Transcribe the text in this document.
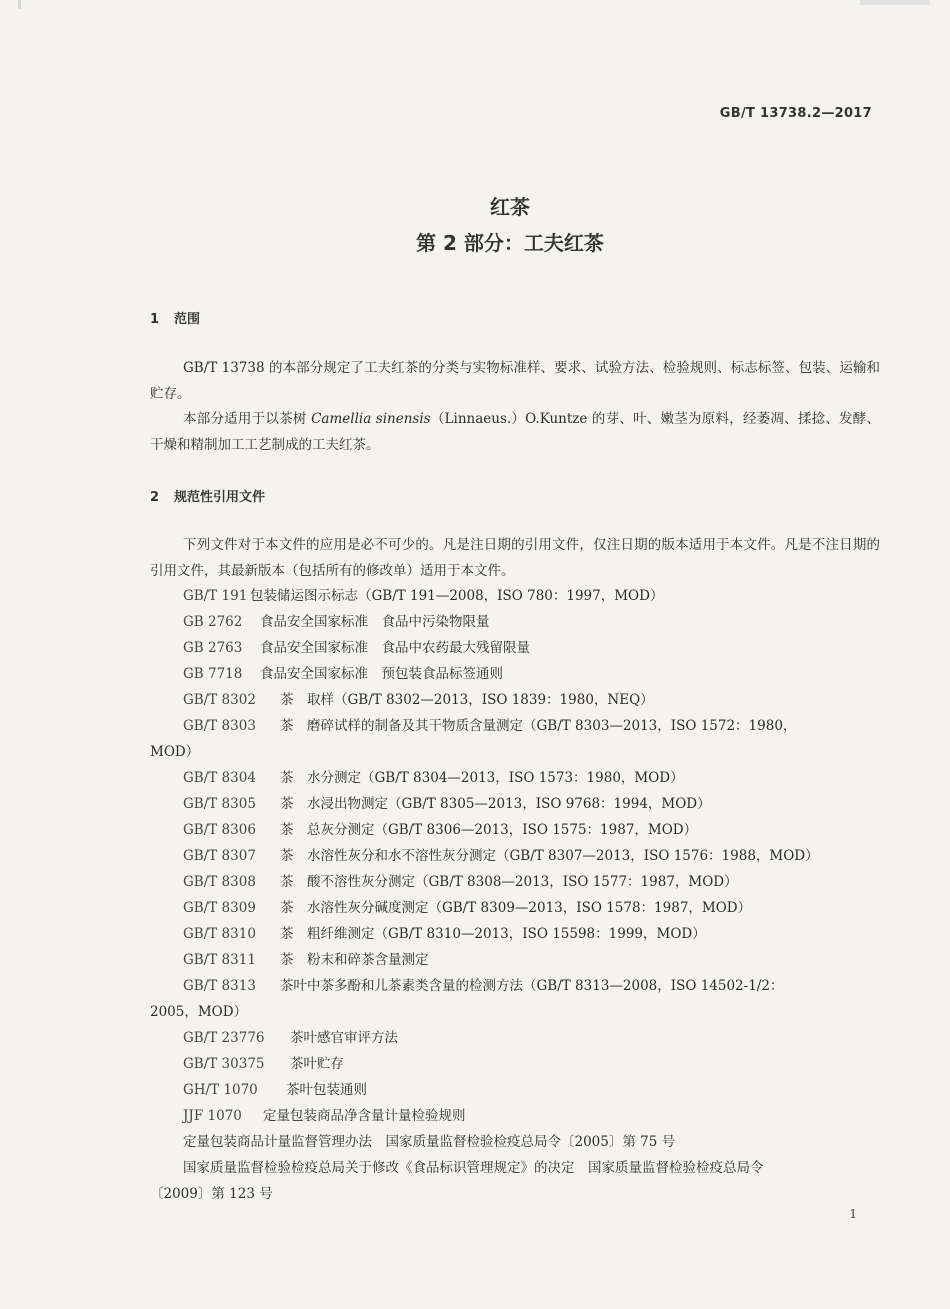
GB/T 13738.2—2017
红茶
第 2 部分：工夫红茶
1 范围
GB/T 13738 的本部分规定了工夫红茶的分类与实物标准样、要求、试验方法、检验规则、标志标签、包装、运输和贮存。
本部分适用于以茶树 Camellia sinensis（Linnaeus.）O.Kuntze 的芽、叶、嫩茎为原料，经萎凋、揉捻、发酵、干燥和精制加工工艺制成的工夫红茶。
2 规范性引用文件
下列文件对于本文件的应用是必不可少的。凡是注日期的引用文件，仅注日期的版本适用于本文件。凡是不注日期的引用文件，其最新版本（包括所有的修改单）适用于本文件。
GB/T 191 包装储运图示标志（GB/T 191—2008，ISO 780：1997，MOD）
GB 2762 食品安全国家标准　食品中污染物限量
GB 2763 食品安全国家标准　食品中农药最大残留限量
GB 7718 食品安全国家标准　预包装食品标签通则
GB/T 8302 茶　取样（GB/T 8302—2013，ISO 1839：1980，NEQ）
GB/T 8303 茶　磨碎试样的制备及其干物质含量测定（GB/T 8303—2013，ISO 1572：1980，
MOD）
GB/T 8304 茶　水分测定（GB/T 8304—2013，ISO 1573：1980，MOD）
GB/T 8305 茶　水浸出物测定（GB/T 8305—2013，ISO 9768：1994，MOD）
GB/T 8306 茶　总灰分测定（GB/T 8306—2013，ISO 1575：1987，MOD）
GB/T 8307 茶　水溶性灰分和水不溶性灰分测定（GB/T 8307—2013，ISO 1576：1988，MOD）
GB/T 8308 茶　酸不溶性灰分测定（GB/T 8308—2013，ISO 1577：1987，MOD）
GB/T 8309 茶　水溶性灰分碱度测定（GB/T 8309—2013，ISO 1578：1987，MOD）
GB/T 8310 茶　粗纤维测定（GB/T 8310—2013，ISO 15598：1999，MOD）
GB/T 8311 茶　粉末和碎茶含量测定
GB/T 8313 茶叶中茶多酚和儿茶素类含量的检测方法（GB/T 8313—2008，ISO 14502-1/2：
2005，MOD）
GB/T 23776 茶叶感官审评方法
GB/T 30375 茶叶贮存
GH/T 1070 茶叶包装通则
JJF 1070 定量包装商品净含量计量检验规则
定量包装商品计量监督管理办法　国家质量监督检验检疫总局令〔2005〕第 75 号
国家质量监督检验检疫总局关于修改《食品标识管理规定》的决定　国家质量监督检验检疫总局令
〔2009〕第 123 号
1
